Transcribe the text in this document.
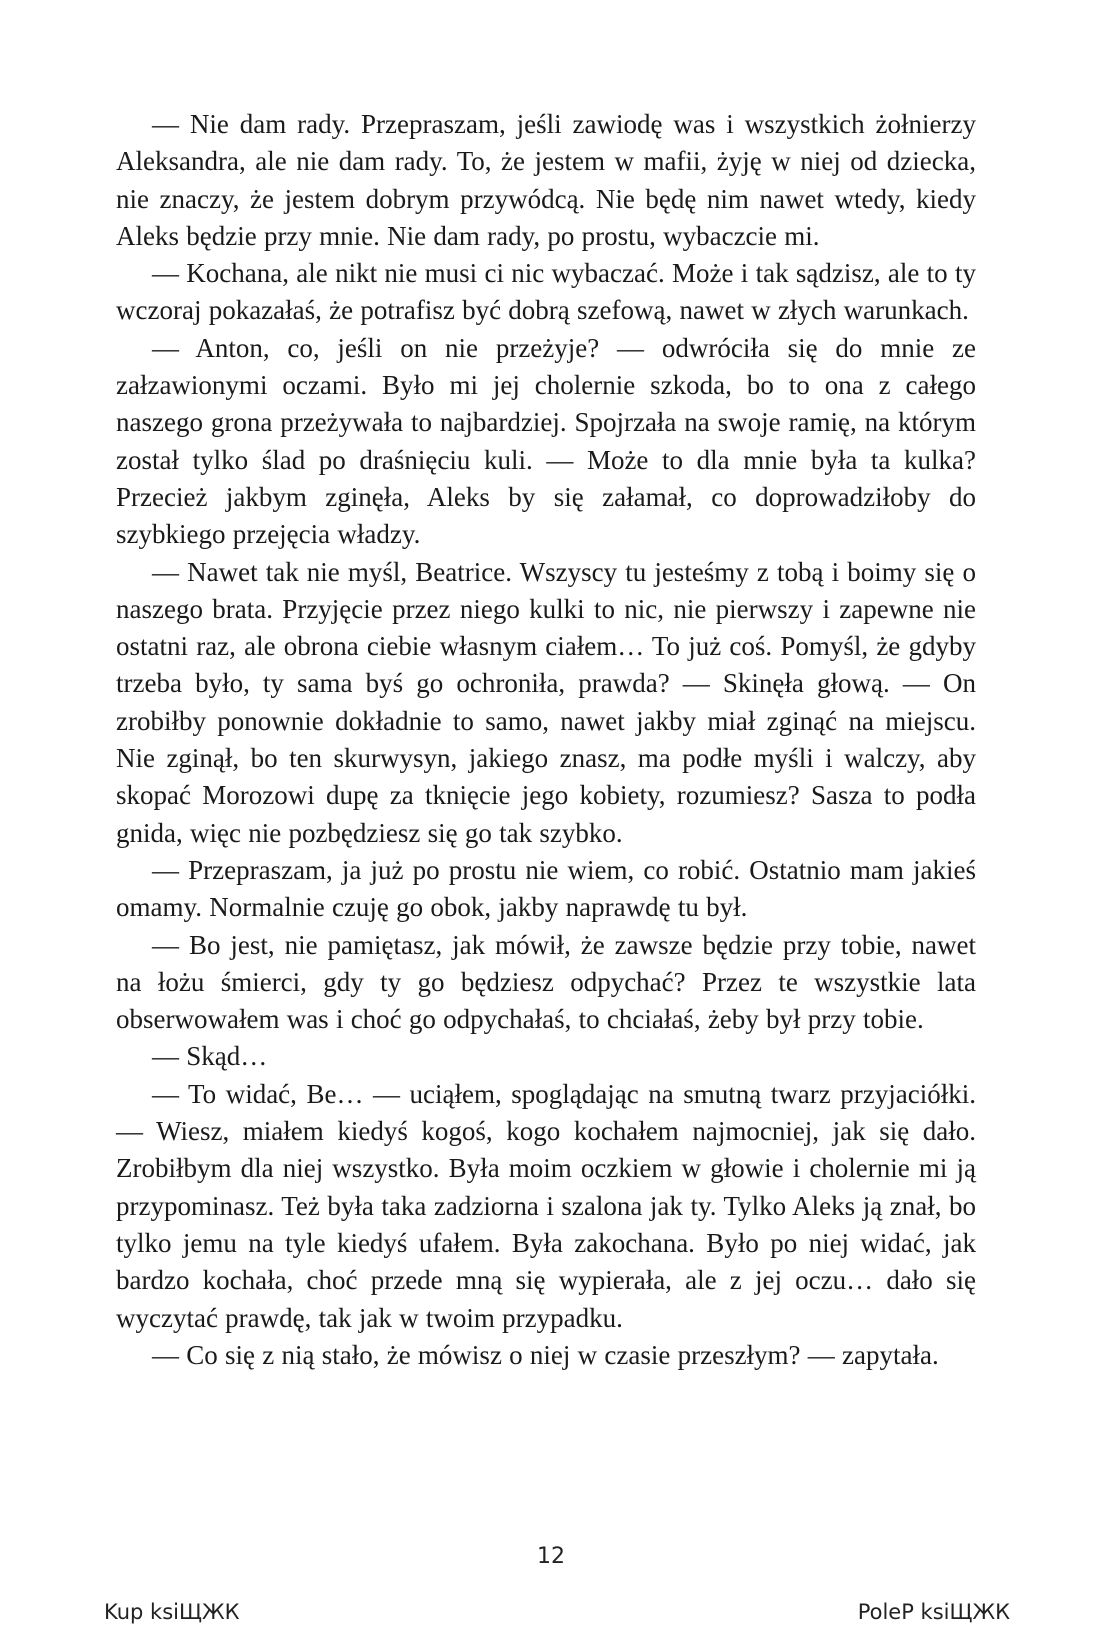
— Nie dam rady. Przepraszam, jeśli zawiodę was i wszystkich żołnierzy Aleksandra, ale nie dam rady. To, że jestem w mafii, żyję w niej od dziecka, nie znaczy, że jestem dobrym przywódcą. Nie będę nim nawet wtedy, kiedy Aleks będzie przy mnie. Nie dam rady, po prostu, wybaczcie mi.

— Kochana, ale nikt nie musi ci nic wybaczać. Może i tak sądzisz, ale to ty wczoraj pokazałaś, że potrafisz być dobrą szefową, nawet w złych warunkach.

— Anton, co, jeśli on nie przeżyje? — odwróciła się do mnie ze załzawionymi oczami. Było mi jej cholernie szkoda, bo to ona z całego naszego grona przeżywała to najbardziej. Spojrzała na swoje ramię, na którym został tylko ślad po draśnięciu kuli. — Może to dla mnie była ta kulka? Przecież jakbym zginęła, Aleks by się załamał, co doprowadziłoby do szybkiego przejęcia władzy.

— Nawet tak nie myśl, Beatrice. Wszyscy tu jesteśmy z tobą i boimy się o naszego brata. Przyjęcie przez niego kulki to nic, nie pierwszy i zapewne nie ostatni raz, ale obrona ciebie własnym ciałem… To już coś. Pomyśl, że gdyby trzeba było, ty sama byś go ochroniła, prawda? — Skinęła głową. — On zrobiłby ponownie dokładnie to samo, nawet jakby miał zginąć na miejscu. Nie zginął, bo ten skurwysyn, jakiego znasz, ma podłe myśli i walczy, aby skopać Morozowi dupę za tknięcie jego kobiety, rozumiesz? Sasza to podła gnida, więc nie pozbędziesz się go tak szybko.

— Przepraszam, ja już po prostu nie wiem, co robić. Ostatnio mam jakieś omamy. Normalnie czuję go obok, jakby naprawdę tu był.

— Bo jest, nie pamiętasz, jak mówił, że zawsze będzie przy tobie, nawet na łożu śmierci, gdy ty go będziesz odpychać? Przez te wszystkie lata obserwowałem was i choć go odpychałaś, to chciałaś, żeby był przy tobie.

— Skąd…

— To widać, Be… — uciąłem, spoglądając na smutną twarz przyjaciółki. — Wiesz, miałem kiedyś kogoś, kogo kochałem najmocniej, jak się dało. Zrobiłbym dla niej wszystko. Była moim oczkiem w głowie i cholernie mi ją przypominasz. Też była taka zadziorna i szalona jak ty. Tylko Aleks ją znał, bo tylko jemu na tyle kiedyś ufałem. Była zakochana. Było po niej widać, jak bardzo kochała, choć przede mną się wypierała, ale z jej oczu… dało się wyczytać prawdę, tak jak w twoim przypadku.

— Co się z nią stało, że mówisz o niej w czasie przeszłym? — zapytała.

12
Kup ksiЩЖК	PoleP ksiЩЖК
